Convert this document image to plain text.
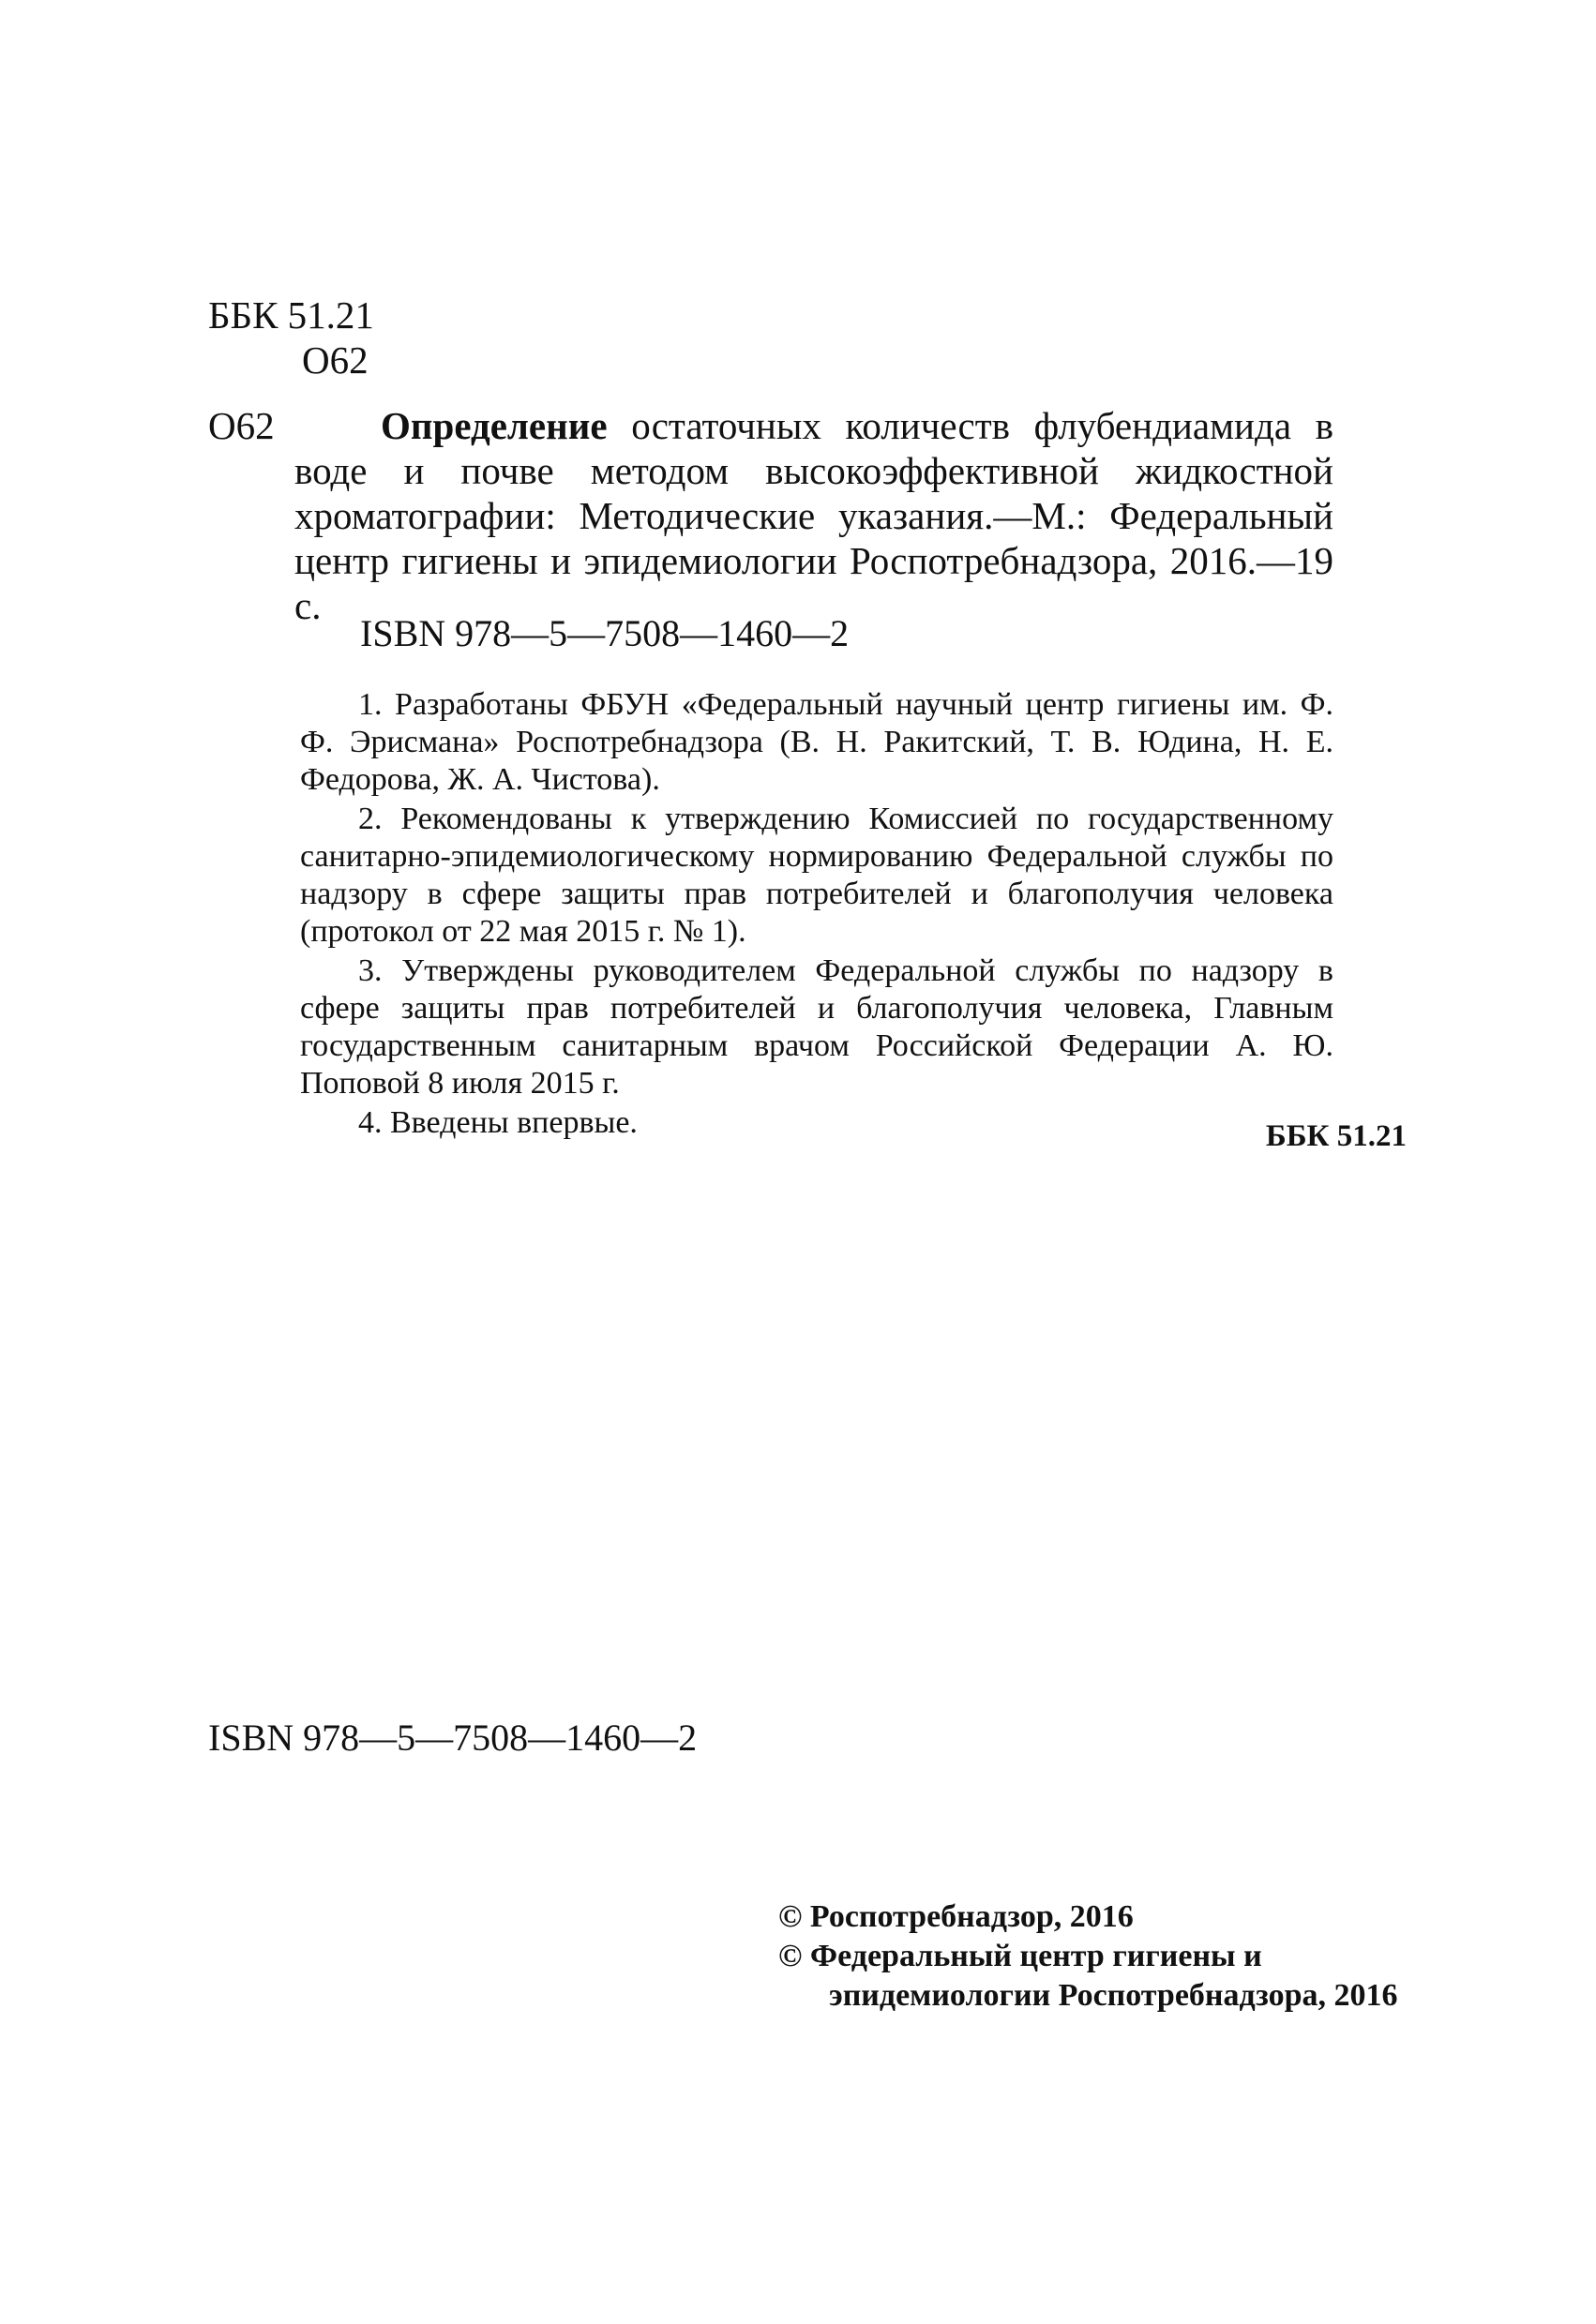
ББК 51.21
О62
О62	Определение остаточных количеств флубендиамида в воде и почве методом высокоэффективной жидкостной хроматографии: Методические указания.—М.: Федеральный центр гигиены и эпидемиологии Роспотребнадзора, 2016.—19 с.

ISBN 978—5—7508—1460—2

1. Разработаны ФБУН «Федеральный научный центр гигиены им. Ф. Ф. Эрисмана» Роспотребнадзора (В. Н. Ракитский, Т. В. Юдина, Н. Е. Федорова, Ж. А. Чистова).

2. Рекомендованы к утверждению Комиссией по государственному санитарно-эпидемиологическому нормированию Федеральной службы по надзору в сфере защиты прав потребителей и благополучия человека (протокол от 22 мая 2015 г. № 1).

3. Утверждены руководителем Федеральной службы по надзору в сфере защиты прав потребителей и благополучия человека, Главным государственным санитарным врачом Российской Федерации А. Ю. Поповой 8 июля 2015 г.

4. Введены впервые.	ББК 51.21
ISBN 978—5—7508—1460—2
© Роспотребнадзор, 2016
© Федеральный центр гигиены и
эпидемиологии Роспотребнадзора, 2016
